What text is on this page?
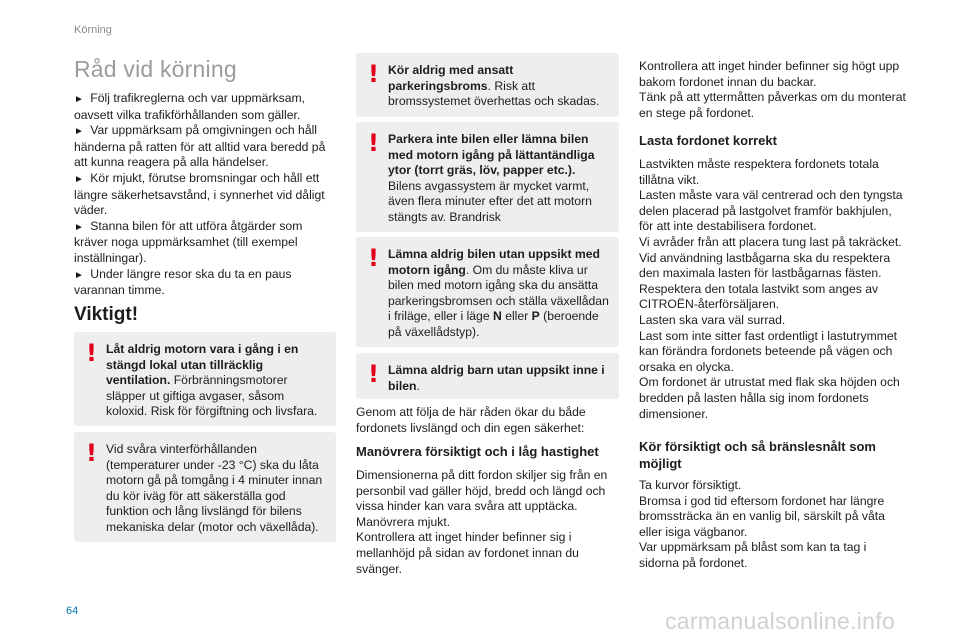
Körning
Råd vid körning

► Följ trafikreglerna och var uppmärksam, oavsett vilka trafikförhållanden som gäller.

► Var uppmärksam på omgivningen och håll händerna på ratten för att alltid vara beredd på att kunna reagera på alla händelser.

► Kör mjukt, förutse bromsningar och håll ett längre säkerhetsavstånd, i synnerhet vid dåligt väder.

► Stanna bilen för att utföra åtgärder som kräver noga uppmärksamhet (till exempel inställningar).

► Under längre resor ska du ta en paus varannan timme.

Viktigt!
! Låt aldrig motorn vara i gång i en stängd lokal utan tillräcklig ventilation. Förbränningsmotorer släpper ut giftiga avgaser, såsom koloxid. Risk för förgiftning och livsfara.
! Vid svåra vinterförhållanden (temperaturer under -23 °C) ska du låta motorn gå på tomgång i 4 minuter innan du kör iväg för att säkerställa god funktion och lång livslängd för bilens mekaniska delar (motor och växellåda).
! Kör aldrig med ansatt parkeringsbroms. Risk att bromssystemet överhettas och skadas.
! Parkera inte bilen eller lämna bilen med motorn igång på lättantändliga ytor (torrt gräs, löv, papper etc.). Bilens avgassystem är mycket varmt, även flera minuter efter det att motorn stängts av. Brandrisk
! Lämna aldrig bilen utan uppsikt med motorn igång. Om du måste kliva ur bilen med motorn igång ska du ansätta parkeringsbromsen och ställa växellådan i friläge, eller i läge N eller P (beroende på växellådstyp).
! Lämna aldrig barn utan uppsikt inne i bilen.

Genom att följa de här råden ökar du både fordonets livslängd och din egen säkerhet:

Manövrera försiktigt och i låg hastighet

Dimensionerna på ditt fordon skiljer sig från en personbil vad gäller höjd, bredd och längd och vissa hinder kan vara svåra att upptäcka.

Manövrera mjukt.

Kontrollera att inget hinder befinner sig i mellanhöjd på sidan av fordonet innan du svänger.

Kontrollera att inget hinder befinner sig högt upp bakom fordonet innan du backar.

Tänk på att yttermåtten påverkas om du monterat en stege på fordonet.

Lasta fordonet korrekt

Lastvikten måste respektera fordonets totala tillåtna vikt.

Lasten måste vara väl centrerad och den tyngsta delen placerad på lastgolvet framför bakhjulen, för att inte destabilisera fordonet.

Vi avråder från att placera tung last på takräcket.

Vid användning lastbågarna ska du respektera den maximala lasten för lastbågarnas fästen.

Respektera den totala lastvikt som anges av CITROËN-återförsäljaren.

Lasten ska vara väl surrad.

Last som inte sitter fast ordentligt i lastutrymmet kan förändra fordonets beteende på vägen och orsaka en olycka.

Om fordonet är utrustat med flak ska höjden och bredden på lasten hålla sig inom fordonets dimensioner.

Kör försiktigt och så bränslesnålt som möjligt

Ta kurvor försiktigt.

Bromsa i god tid eftersom fordonet har längre bromssträcka än en vanlig bil, särskilt på våta eller isiga vägbanor.

Var uppmärksam på blåst som kan ta tag i sidorna på fordonet.

64	carmanualsonline.info
